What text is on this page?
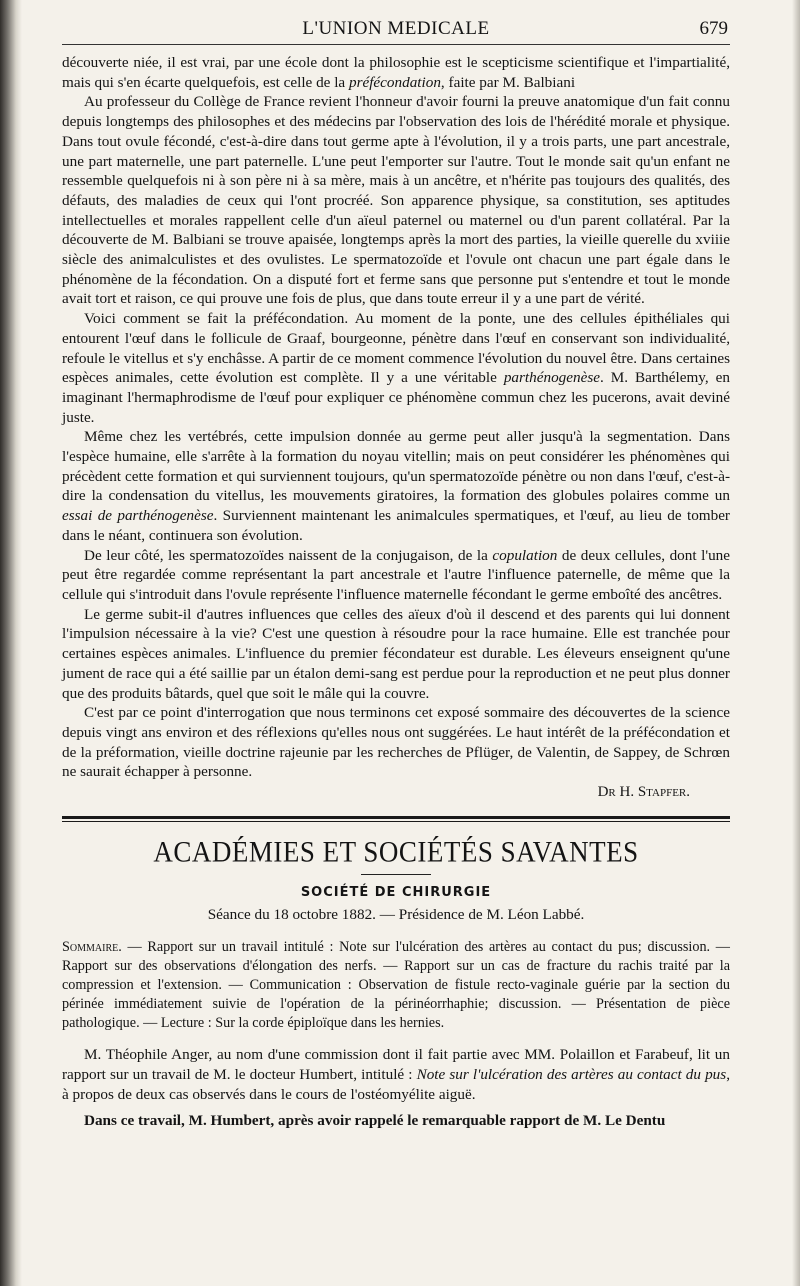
L'UNION MEDICALE	679

découverte niée, il est vrai, par une école dont la philosophie est le scepticisme scientifique et l'impartialité, mais qui s'en écarte quelquefois, est celle de la préfécondation, faite par M. Balbiani

Au professeur du Collège de France revient l'honneur d'avoir fourni la preuve anatomique d'un fait connu depuis longtemps des philosophes et des médecins par l'observation des lois de l'hérédité morale et physique. Dans tout ovule fécondé, c'est-à-dire dans tout germe apte à l'évolution, il y a trois parts, une part ancestrale, une part maternelle, une part paternelle. L'une peut l'emporter sur l'autre. Tout le monde sait qu'un enfant ne ressemble quelquefois ni à son père ni à sa mère, mais à un ancêtre, et n'hérite pas toujours des qualités, des défauts, des maladies de ceux qui l'ont procréé. Son apparence physique, sa constitution, ses aptitudes intellectuelles et morales rappellent celle d'un aïeul paternel ou maternel ou d'un parent collatéral. Par la découverte de M. Balbiani se trouve apaisée, longtemps après la mort des parties, la vieille querelle du xviiie siècle des animalculistes et des ovulistes. Le spermatozoïde et l'ovule ont chacun une part égale dans le phénomène de la fécondation. On a disputé fort et ferme sans que personne put s'entendre et tout le monde avait tort et raison, ce qui prouve une fois de plus, que dans toute erreur il y a une part de vérité.

Voici comment se fait la préfécondation. Au moment de la ponte, une des cellules épithéliales qui entourent l'œuf dans le follicule de Graaf, bourgeonne, pénètre dans l'œuf en conservant son individualité, refoule le vitellus et s'y enchâsse. A partir de ce moment commence l'évolution du nouvel être. Dans certaines espèces animales, cette évolution est complète. Il y a une véritable parthénogenèse. M. Barthélemy, en imaginant l'hermaphrodisme de l'œuf pour expliquer ce phénomène commun chez les pucerons, avait deviné juste.

Même chez les vertébrés, cette impulsion donnée au germe peut aller jusqu'à la segmentation. Dans l'espèce humaine, elle s'arrête à la formation du noyau vitellin; mais on peut considérer les phénomènes qui précèdent cette formation et qui surviennent toujours, qu'un spermatozoïde pénètre ou non dans l'œuf, c'est-à-dire la condensation du vitellus, les mouvements giratoires, la formation des globules polaires comme un essai de parthénogenèse. Surviennent maintenant les animalcules spermatiques, et l'œuf, au lieu de tomber dans le néant, continuera son évolution.

De leur côté, les spermatozoïdes naissent de la conjugaison, de la copulation de deux cellules, dont l'une peut être regardée comme représentant la part ancestrale et l'autre l'influence paternelle, de même que la cellule qui s'introduit dans l'ovule représente l'influence maternelle fécondant le germe emboîté des ancêtres.

Le germe subit-il d'autres influences que celles des aïeux d'où il descend et des parents qui lui donnent l'impulsion nécessaire à la vie? C'est une question à résoudre pour la race humaine. Elle est tranchée pour certaines espèces animales. L'influence du premier fécondateur est durable. Les éleveurs enseignent qu'une jument de race qui a été saillie par un étalon demi-sang est perdue pour la reproduction et ne peut plus donner que des produits bâtards, quel que soit le mâle qui la couvre.

C'est par ce point d'interrogation que nous terminons cet exposé sommaire des découvertes de la science depuis vingt ans environ et des réflexions qu'elles nous ont suggérées. Le haut intérêt de la préfécondation et de la préformation, vieille doctrine rajeunie par les recherches de Pflüger, de Valentin, de Sappey, de Schrœn ne saurait échapper à personne.

Dr H. Stapfer.
ACADÉMIES ET SOCIÉTÉS SAVANTES
SOCIÉTÉ DE CHIRURGIE
Séance du 18 octobre 1882. — Présidence de M. Léon Labbé.
Sommaire. — Rapport sur un travail intitulé : Note sur l'ulcération des artères au contact du pus; discussion. — Rapport sur des observations d'élongation des nerfs. — Rapport sur un cas de fracture du rachis traité par la compression et l'extension. — Communication : Observation de fistule recto-vaginale guérie par la section du périnée immédiatement suivie de l'opération de la périnéorrhaphie; discussion. — Présentation de pièce pathologique. — Lecture : Sur la corde épiploïque dans les hernies.

M. Théophile Anger, au nom d'une commission dont il fait partie avec MM. Polaillon et Farabeuf, lit un rapport sur un travail de M. le docteur Humbert, intitulé : Note sur l'ulcération des artères au contact du pus, à propos de deux cas observés dans le cours de l'ostéomyélite aiguë.

Dans ce travail, M. Humbert, après avoir rappelé le remarquable rapport de M. Le Dentu
